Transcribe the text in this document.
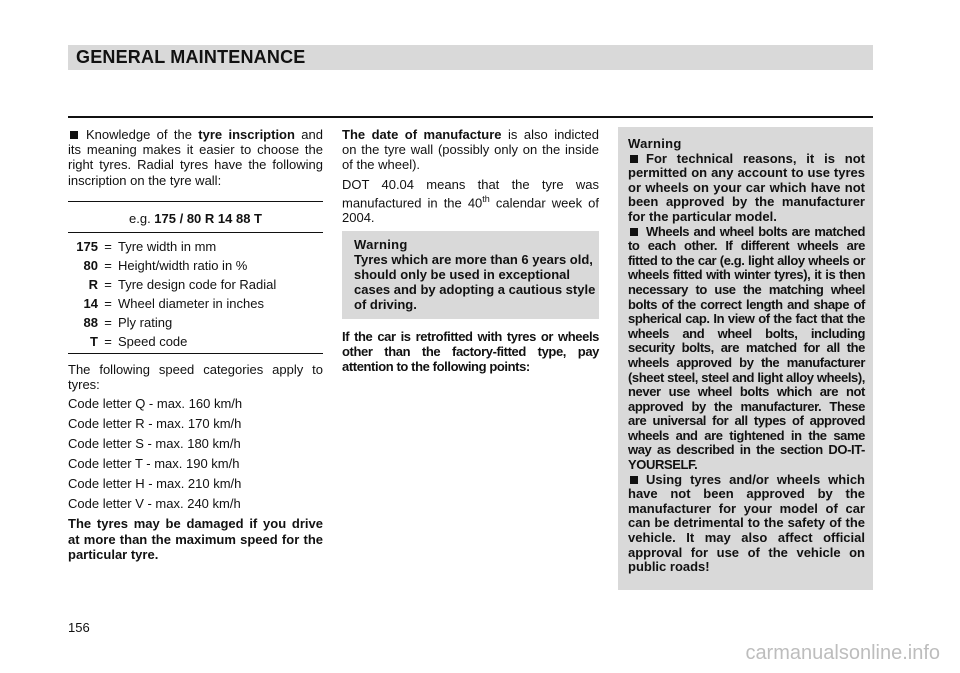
GENERAL MAINTENANCE

Knowledge of the tyre inscription and its meaning makes it easier to choose the right tyres. Radial tyres have the following inscription on the tyre wall:

e.g. 175 / 80 R 14 88 T
175 = Tyre width in mm
80 = Height/width ratio in %
R = Tyre design code for Radial
14 = Wheel diameter in inches
88 = Ply rating
T = Speed code

The following speed categories apply to tyres:

Code letter Q - max. 160 km/h

Code letter R - max. 170 km/h

Code letter S - max. 180 km/h

Code letter T - max. 190 km/h

Code letter H - max. 210 km/h

Code letter V - max. 240 km/h

The tyres may be damaged if you drive at more than the maximum speed for the particular tyre.

The date of manufacture is also indicted on the tyre wall (possibly only on the inside of the wheel).

DOT 40.04 means that the tyre was manufactured in the 40th calendar week of 2004.

Warning
Tyres which are more than 6 years old, should only be used in exceptional cases and by adopting a cautious style of driving.

If the car is retrofitted with tyres or wheels other than the factory-fitted type, pay attention to the following points:

Warning
For technical reasons, it is not permitted on any account to use tyres or wheels on your car which have not been approved by the manufacturer for the particular model.
Wheels and wheel bolts are matched to each other. If different wheels are fitted to the car (e.g. light alloy wheels or wheels fitted with winter tyres), it is then necessary to use the matching wheel bolts of the correct length and shape of spherical cap. In view of the fact that the wheels and wheel bolts, including security bolts, are matched for all the wheels approved by the manufacturer (sheet steel, steel and light alloy wheels), never use wheel bolts which are not approved by the manufacturer. These are universal for all types of approved wheels and are tightened in the same way as described in the section DO-IT-YOURSELF.
Using tyres and/or wheels which have not been approved by the manufacturer for your model of car can be detrimental to the safety of the vehicle. It may also affect official approval for use of the vehicle on public roads!
156
carmanualsonline.info
